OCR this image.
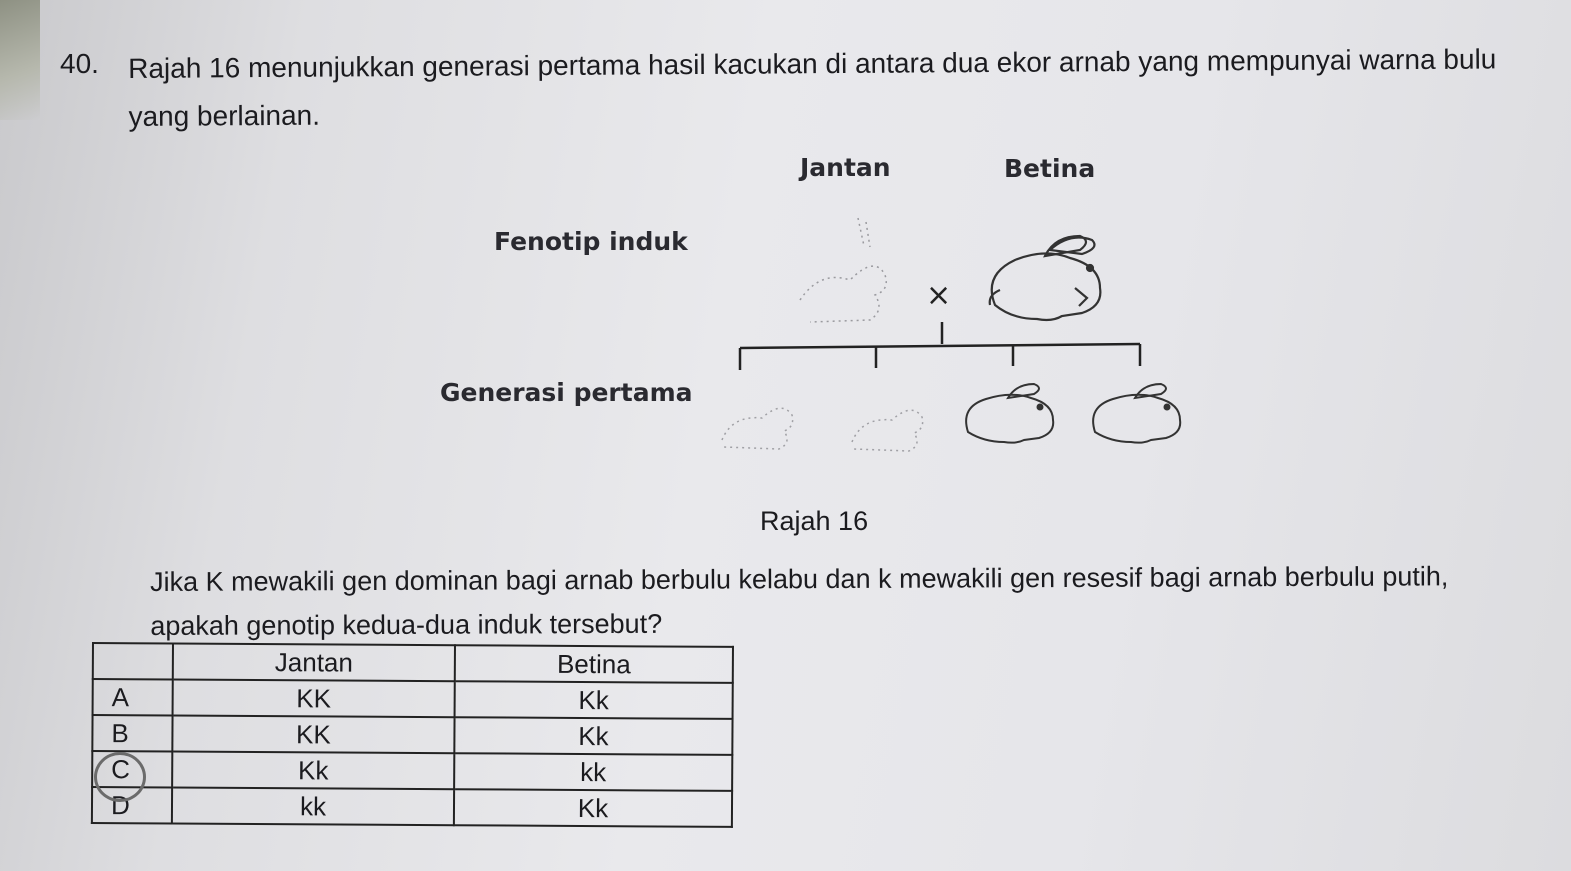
40. Rajah 16 menunjukkan generasi pertama hasil kacukan di antara dua ekor arnab yang mempunyai warna bulu yang berlainan.
Jantan	Betina
Fenotip induk
Generasi pertama
×
Rajah 16
Jika K mewakili gen dominan bagi arnab berbulu kelabu dan k mewakili gen resesif bagi arnab berbulu putih, apakah genotip kedua-dua induk tersebut?
	Jantan	Betina
A	KK	Kk
B	KK	Kk
C	Kk	kk
D	kk	Kk
